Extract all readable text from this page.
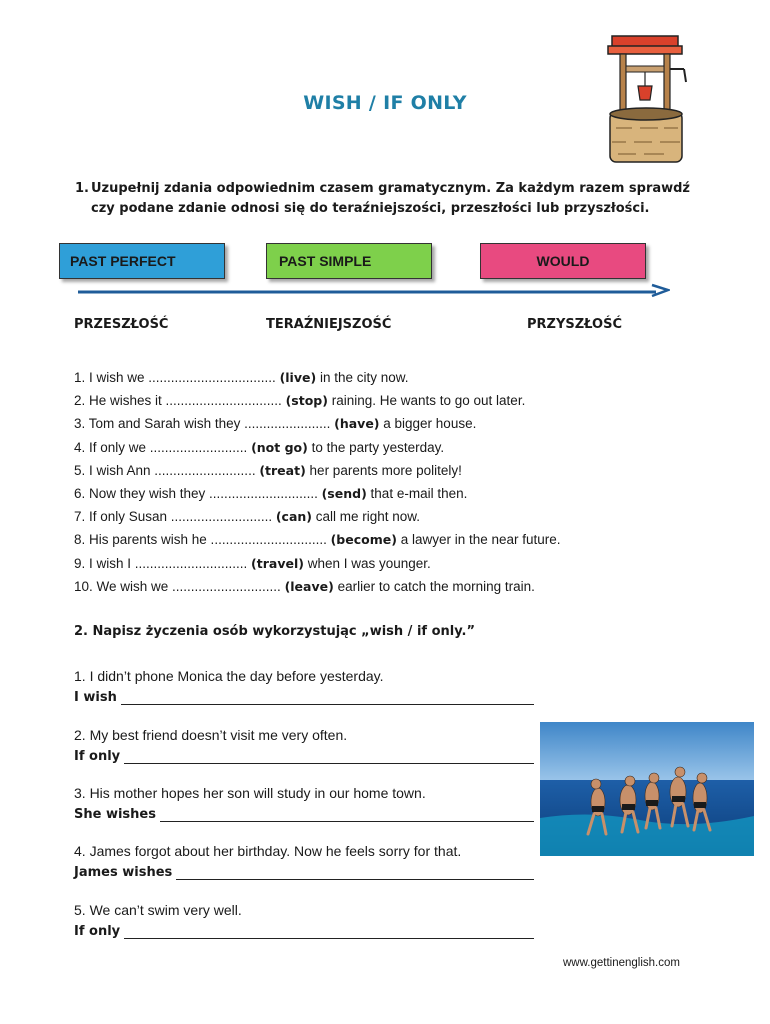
WISH / IF ONLY
1. Uzupełnij zdania odpowiednim czasem gramatycznym. Za każdym razem sprawdź
czy podane zdanie odnosi się do teraźniejszości, przeszłości lub przyszłości.
PAST PERFECT	PAST SIMPLE	WOULD
PRZESZŁOŚĆ	TERAŹNIEJSZOŚĆ	PRZYSZŁOŚĆ
1. I wish we .................................. (live) in the city now.
2. He wishes it ............................... (stop) raining. He wants to go out later.
3. Tom and Sarah wish they ....................... (have) a bigger house.
4. If only we .......................... (not go) to the party yesterday.
5. I wish Ann ........................... (treat) her parents more politely!
6. Now they wish they ............................. (send) that e-mail then.
7. If only Susan ........................... (can) call me right now.
8. His parents wish he ............................... (become) a lawyer in the near future.
9. I wish I .............................. (travel) when I was younger.
10. We wish we ............................. (leave) earlier to catch the morning train.
2. Napisz życzenia osób wykorzystując „wish / if only.”
1. I didn’t phone Monica the day before yesterday.
I wish
2. My best friend doesn’t visit me very often.
If only
3. His mother hopes her son will study in our home town.
She wishes
4. James forgot about her birthday. Now he feels sorry for that.
James wishes
5. We can’t swim very well.
If only
www.gettinenglish.com
